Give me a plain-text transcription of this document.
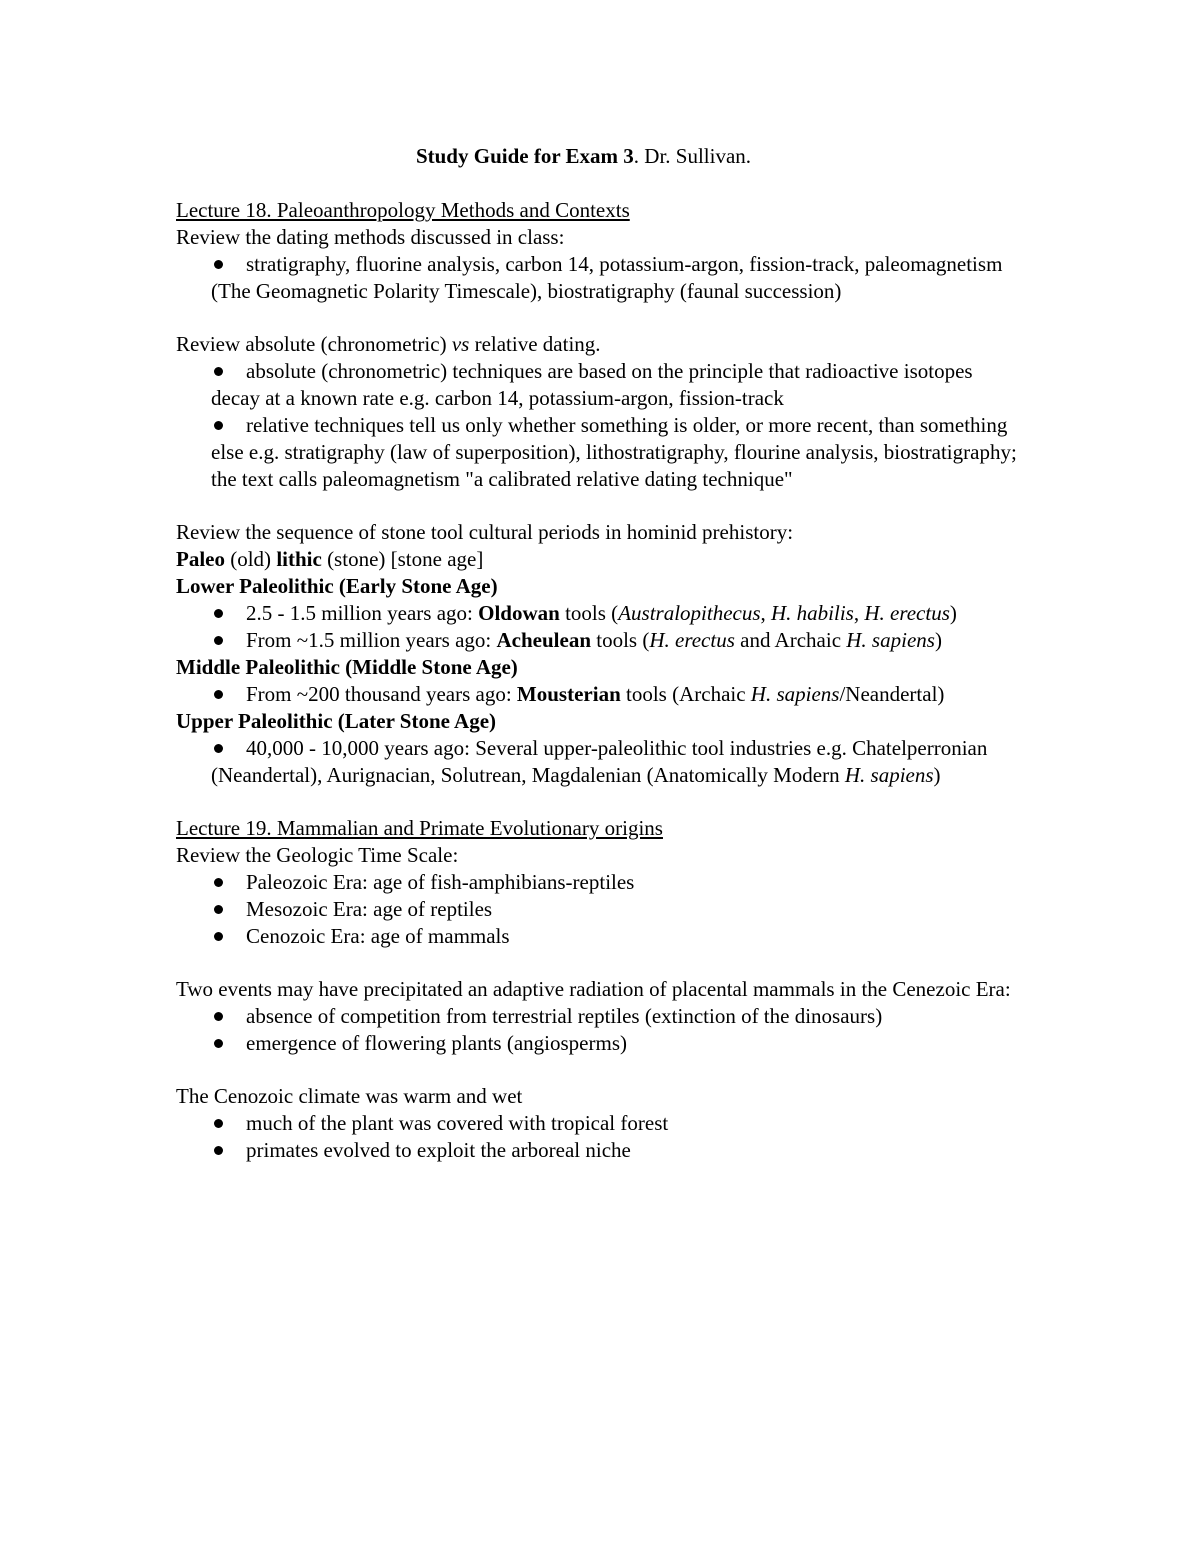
Study Guide for Exam 3. Dr. Sullivan.

Lecture 18. Paleoanthropology Methods and Contexts

Review the dating methods discussed in class:

stratigraphy, fluorine analysis, carbon 14, potassium-argon, fission-track, paleomagnetism (The Geomagnetic Polarity Timescale), biostratigraphy (faunal succession)

Review absolute (chronometric) vs relative dating.

absolute (chronometric) techniques are based on the principle that radioactive isotopes decay at a known rate e.g. carbon 14, potassium-argon, fission-track
relative techniques tell us only whether something is older, or more recent, than something else e.g. stratigraphy (law of superposition), lithostratigraphy, flourine analysis, biostratigraphy; the text calls paleomagnetism "a calibrated relative dating technique"

Review the sequence of stone tool cultural periods in hominid prehistory:

Paleo (old) lithic (stone) [stone age]

Lower Paleolithic (Early Stone Age)

2.5 - 1.5 million years ago: Oldowan tools (Australopithecus, H. habilis, H. erectus)
From ~1.5 million years ago: Acheulean tools (H. erectus and Archaic H. sapiens)

Middle Paleolithic (Middle Stone Age)

From ~200 thousand years ago: Mousterian tools (Archaic H. sapiens/Neandertal)

Upper Paleolithic (Later Stone Age)

40,000 - 10,000 years ago: Several upper-paleolithic tool industries e.g. Chatelperronian (Neandertal), Aurignacian, Solutrean, Magdalenian (Anatomically Modern H. sapiens)

Lecture 19. Mammalian and Primate Evolutionary origins

Review the Geologic Time Scale:

Paleozoic Era: age of fish-amphibians-reptiles
Mesozoic Era: age of reptiles
Cenozoic Era: age of mammals

Two events may have precipitated an adaptive radiation of placental mammals in the Cenezoic Era:

absence of competition from terrestrial reptiles (extinction of the dinosaurs)
emergence of flowering plants (angiosperms)

The Cenozoic climate was warm and wet

much of the plant was covered with tropical forest
primates evolved to exploit the arboreal niche
